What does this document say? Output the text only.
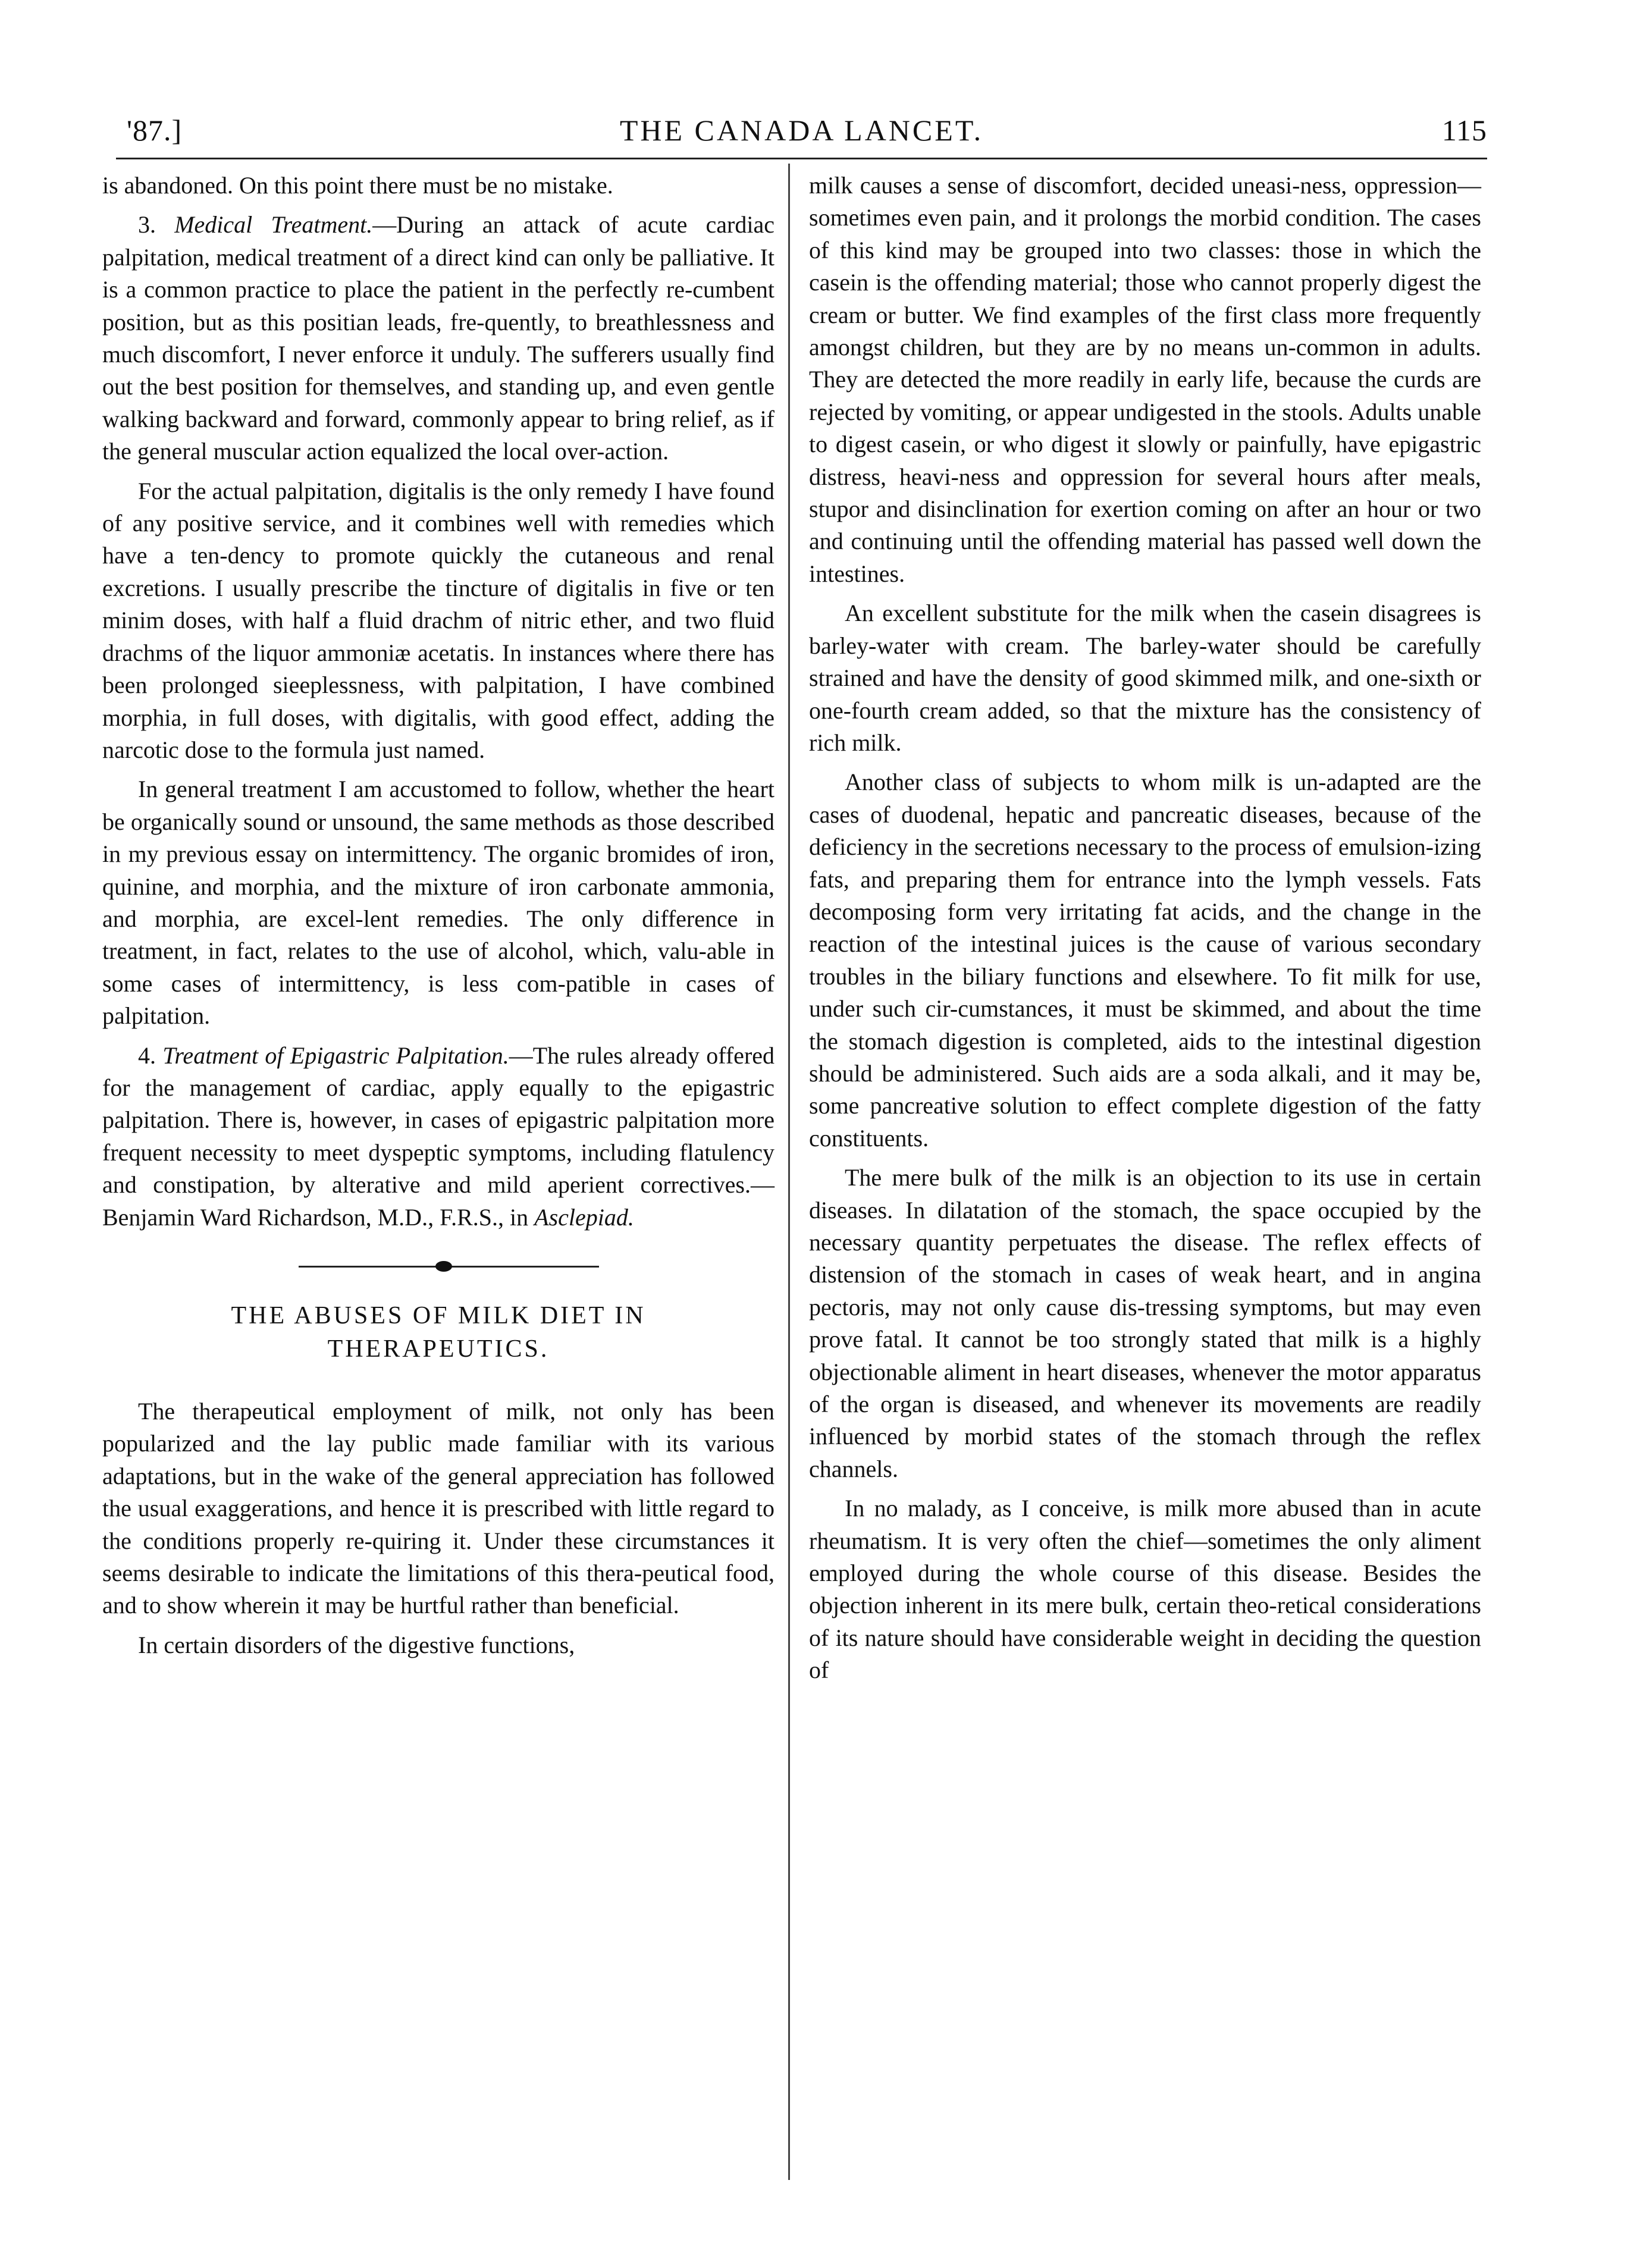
'87.]	THE CANADA LANCET.	115

is abandoned. On this point there must be no mistake.

3. Medical Treatment.—During an attack of acute cardiac palpitation, medical treatment of a direct kind can only be palliative. It is a common practice to place the patient in the perfectly re-cumbent position, but as this positian leads, fre-quently, to breathlessness and much discomfort, I never enforce it unduly. The sufferers usually find out the best position for themselves, and standing up, and even gentle walking backward and forward, commonly appear to bring relief, as if the general muscular action equalized the local over-action.

For the actual palpitation, digitalis is the only remedy I have found of any positive service, and it combines well with remedies which have a ten-dency to promote quickly the cutaneous and renal excretions. I usually prescribe the tincture of digitalis in five or ten minim doses, with half a fluid drachm of nitric ether, and two fluid drachms of the liquor ammoniæ acetatis. In instances where there has been prolonged sieeplessness, with palpitation, I have combined morphia, in full doses, with digitalis, with good effect, adding the narcotic dose to the formula just named.

In general treatment I am accustomed to follow, whether the heart be organically sound or unsound, the same methods as those described in my previous essay on intermittency. The organic bromides of iron, quinine, and morphia, and the mixture of iron carbonate ammonia, and morphia, are excel-lent remedies. The only difference in treatment, in fact, relates to the use of alcohol, which, valu-able in some cases of intermittency, is less com-patible in cases of palpitation.

4. Treatment of Epigastric Palpitation.—The rules already offered for the management of cardiac, apply equally to the epigastric palpitation. There is, however, in cases of epigastric palpitation more frequent necessity to meet dyspeptic symptoms, including flatulency and constipation, by alterative and mild aperient correctives.—Benjamin Ward Richardson, M.D., F.R.S., in Asclepiad.

THE ABUSES OF MILK DIET IN
THERAPEUTICS.

The therapeutical employment of milk, not only has been popularized and the lay public made familiar with its various adaptations, but in the wake of the general appreciation has followed the usual exaggerations, and hence it is prescribed with little regard to the conditions properly re-quiring it. Under these circumstances it seems desirable to indicate the limitations of this thera-peutical food, and to show wherein it may be hurtful rather than beneficial.

In certain disorders of the digestive functions,

milk causes a sense of discomfort, decided uneasi-ness, oppression—sometimes even pain, and it prolongs the morbid condition. The cases of this kind may be grouped into two classes: those in which the casein is the offending material; those who cannot properly digest the cream or butter. We find examples of the first class more frequently amongst children, but they are by no means un-common in adults. They are detected the more readily in early life, because the curds are rejected by vomiting, or appear undigested in the stools. Adults unable to digest casein, or who digest it slowly or painfully, have epigastric distress, heavi-ness and oppression for several hours after meals, stupor and disinclination for exertion coming on after an hour or two and continuing until the offending material has passed well down the intestines.

An excellent substitute for the milk when the casein disagrees is barley-water with cream. The barley-water should be carefully strained and have the density of good skimmed milk, and one-sixth or one-fourth cream added, so that the mixture has the consistency of rich milk.

Another class of subjects to whom milk is un-adapted are the cases of duodenal, hepatic and pancreatic diseases, because of the deficiency in the secretions necessary to the process of emulsion-izing fats, and preparing them for entrance into the lymph vessels. Fats decomposing form very irritating fat acids, and the change in the reaction of the intestinal juices is the cause of various secondary troubles in the biliary functions and elsewhere. To fit milk for use, under such cir-cumstances, it must be skimmed, and about the time the stomach digestion is completed, aids to the intestinal digestion should be administered. Such aids are a soda alkali, and it may be, some pancreative solution to effect complete digestion of the fatty constituents.

The mere bulk of the milk is an objection to its use in certain diseases. In dilatation of the stomach, the space occupied by the necessary quantity perpetuates the disease. The reflex effects of distension of the stomach in cases of weak heart, and in angina pectoris, may not only cause dis-tressing symptoms, but may even prove fatal. It cannot be too strongly stated that milk is a highly objectionable aliment in heart diseases, whenever the motor apparatus of the organ is diseased, and whenever its movements are readily influenced by morbid states of the stomach through the reflex channels.

In no malady, as I conceive, is milk more abused than in acute rheumatism. It is very often the chief—sometimes the only aliment employed during the whole course of this disease. Besides the objection inherent in its mere bulk, certain theo-retical considerations of its nature should have considerable weight in deciding the question of
